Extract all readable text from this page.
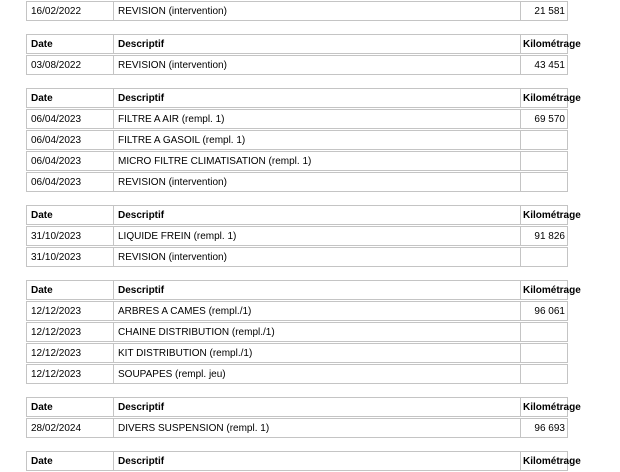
16/02/2022	REVISION (intervention)	21 581
Date	Descriptif	Kilométrage
03/08/2022	REVISION (intervention)	43 451
Date	Descriptif	Kilométrage
06/04/2023	FILTRE A AIR (rempl. 1)	69 570
06/04/2023	FILTRE A GASOIL (rempl. 1)
06/04/2023	MICRO FILTRE CLIMATISATION (rempl. 1)
06/04/2023	REVISION (intervention)
Date	Descriptif	Kilométrage
31/10/2023	LIQUIDE FREIN (rempl. 1)	91 826
31/10/2023	REVISION (intervention)
Date	Descriptif	Kilométrage
12/12/2023	ARBRES A CAMES (rempl./1)	96 061
12/12/2023	CHAINE DISTRIBUTION (rempl./1)
12/12/2023	KIT DISTRIBUTION (rempl./1)
12/12/2023	SOUPAPES (rempl. jeu)
Date	Descriptif	Kilométrage
28/02/2024	DIVERS SUSPENSION (rempl. 1)	96 693
Date	Descriptif	Kilométrage
